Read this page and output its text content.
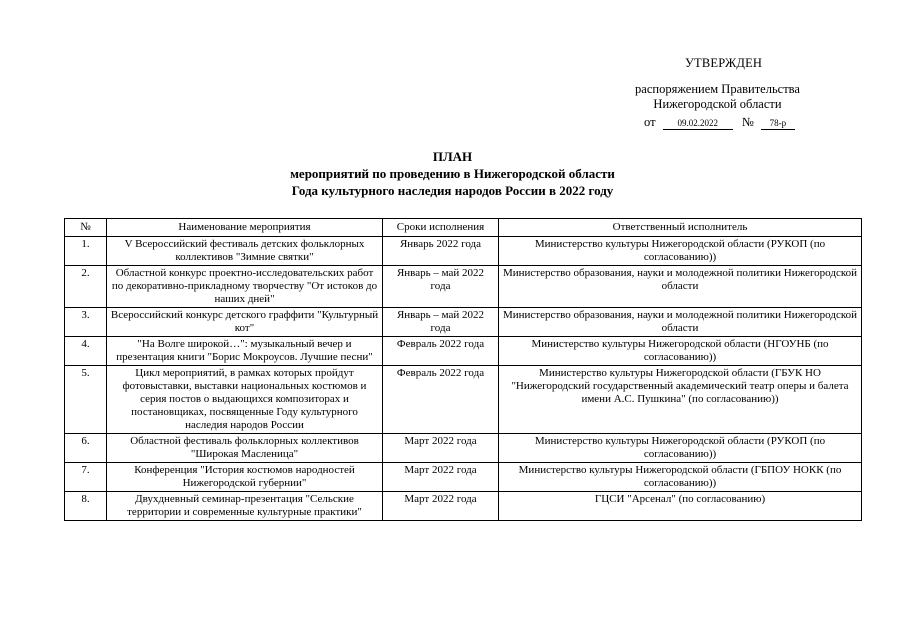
УТВЕРЖДЕН
распоряжением Правительства
Нижегородской области
от 09.02.2022 № 78-р
ПЛАН
мероприятий по проведению в Нижегородской области
Года культурного наследия народов России в 2022 году
№	Наименование мероприятия	Сроки исполнения	Ответственный исполнитель
1.	V Всероссийский фестиваль детских фольклорных коллективов "Зимние святки"	Январь 2022 года	Министерство культуры Нижегородской области (РУКОП (по согласованию))
2.	Областной конкурс проектно-исследовательских работ по декоративно-прикладному творчеству "От истоков до наших дней"	Январь – май 2022 года	Министерство образования, науки и молодежной политики Нижегородской области
3.	Всероссийский конкурс детского граффити "Культурный кот"	Январь – май 2022 года	Министерство образования, науки и молодежной политики Нижегородской области
4.	"На Волге широкой…": музыкальный вечер и презентация книги "Борис Мокроусов. Лучшие песни"	Февраль 2022 года	Министерство культуры Нижегородской области (НГОУНБ (по согласованию))
5.	Цикл мероприятий, в рамках которых пройдут фотовыставки, выставки национальных костюмов и серия постов о выдающихся композиторах и постановщиках, посвященные Году культурного наследия народов России	Февраль 2022 года	Министерство культуры Нижегородской области (ГБУК НО "Нижегородский государственный академический театр оперы и балета имени А.С. Пушкина" (по согласованию))
6.	Областной фестиваль фольклорных коллективов "Широкая Масленица"	Март 2022 года	Министерство культуры Нижегородской области (РУКОП (по согласованию))
7.	Конференция "История костюмов народностей Нижегородской губернии"	Март 2022 года	Министерство культуры Нижегородской области (ГБПОУ НОКК (по согласованию))
8.	Двухдневный семинар-презентация "Сельские территории и современные культурные практики"	Март 2022 года	ГЦСИ "Арсенал" (по согласованию)
